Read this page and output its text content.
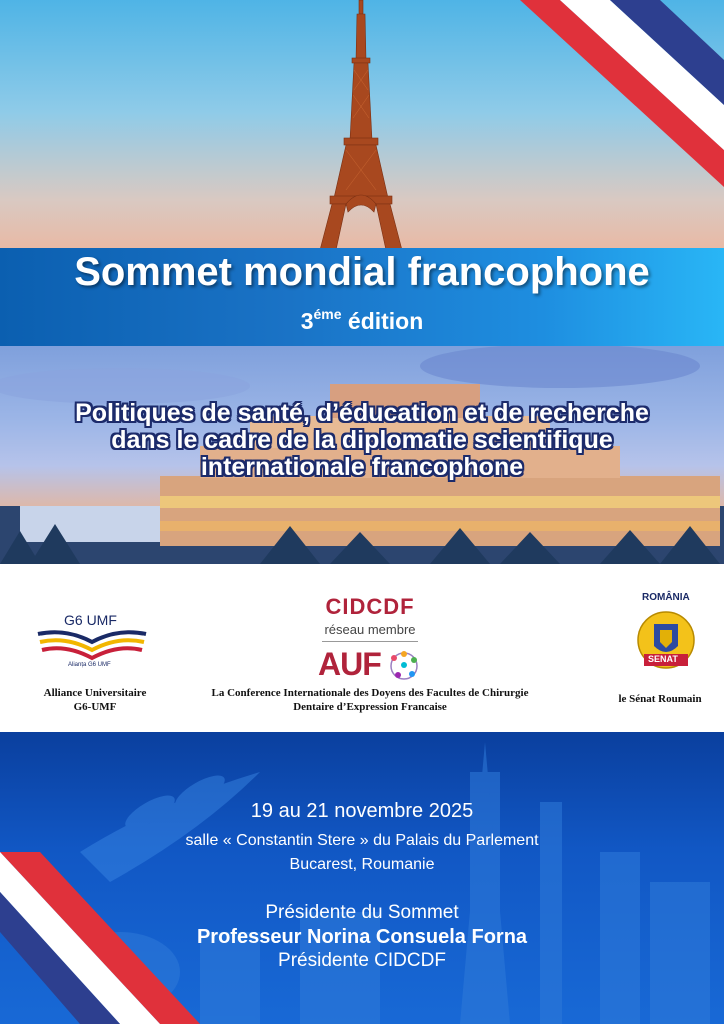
Sommet mondial francophone
$3^{éme}$ édition
Politiques de santé, d’éducation et de recherche
dans le cadre de la diplomatie scientifique
internationale francophone
G6 UMF
Alianța G6 UMF
Alliance Universitaire
G6-UMF
CIDCDF
réseau membre
AUF
La Conference Internationale des Doyens des Facultes de Chirurgie
Dentaire d’Expression Francaise
ROMÂNIA
SENAT
le Sénat Roumain
19 au 21 novembre 2025
salle « Constantin Stere » du Palais du Parlement
Bucarest, Roumanie
Présidente du Sommet
Professeur Norina Consuela Forna
Présidente CIDCDF
